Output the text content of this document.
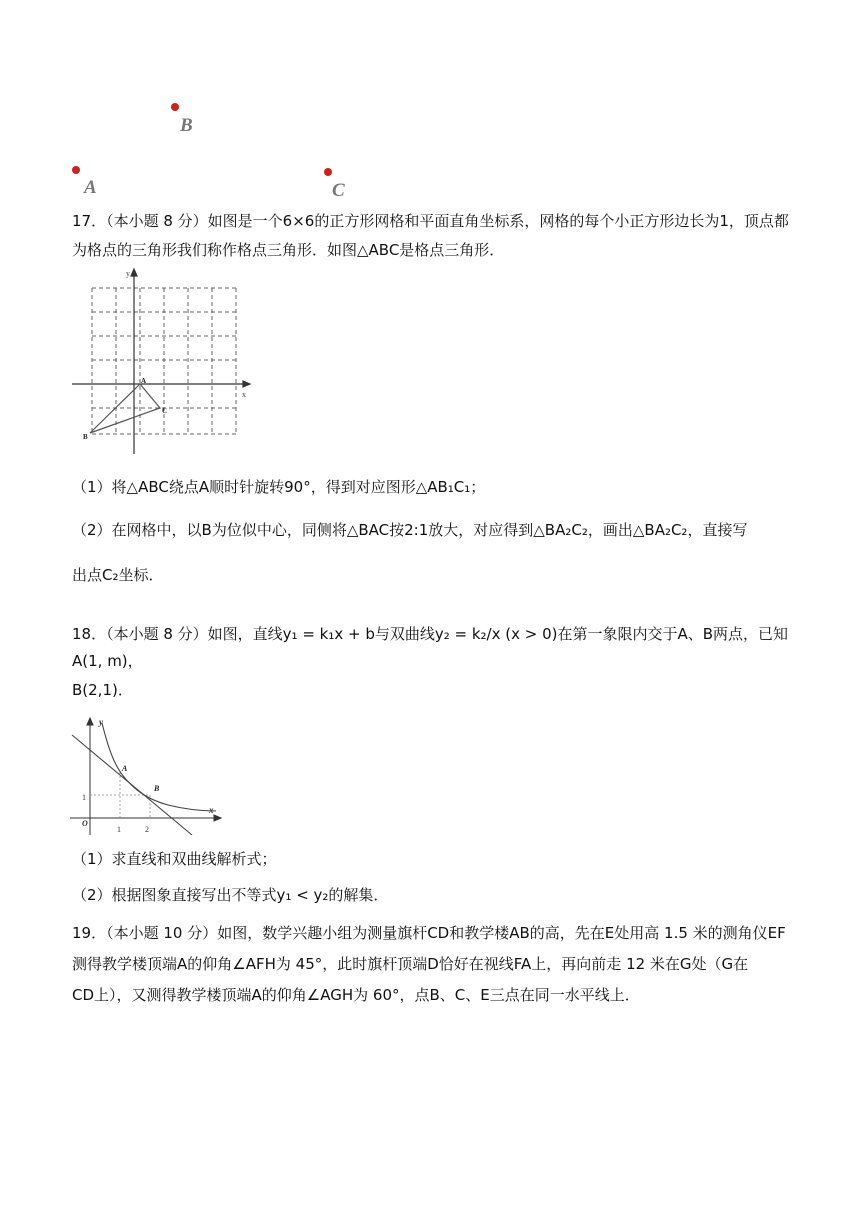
A
B
C
17．（本小题 8 分）如图是一个6×6的正方形网格和平面直角坐标系，网格的每个小正方形边长为1，顶点都
为格点的三角形我们称作格点三角形．如图△ABC是格点三角形．
y
x
A
B
C
（1）将△ABC绕点A顺时针旋转90°，得到对应图形△AB₁C₁；
（2）在网格中，以B为位似中心，同侧将△BAC按2:1放大，对应得到△BA₂C₂，画出△BA₂C₂，直接写
出点C₂坐标．
18．（本小题 8 分）如图，直线y₁ = k₁x + b与双曲线y₂ = k₂/x (x > 0)在第一象限内交于A、B两点，已知A(1, m)，
B(2,1)．
y
x
O
1	2
1
A
B
（1）求直线和双曲线解析式；
（2）根据图象直接写出不等式y₁ < y₂的解集．
19．（本小题 10 分）如图，数学兴趣小组为测量旗杆CD和教学楼AB的高，先在E处用高 1.5 米的测角仪EF
测得教学楼顶端A的仰角∠AFH为 45°，此时旗杆顶端D恰好在视线FA上，再向前走 12 米在G处（G在
CD上），又测得教学楼顶端A的仰角∠AGH为 60°，点B、C、E三点在同一水平线上．
